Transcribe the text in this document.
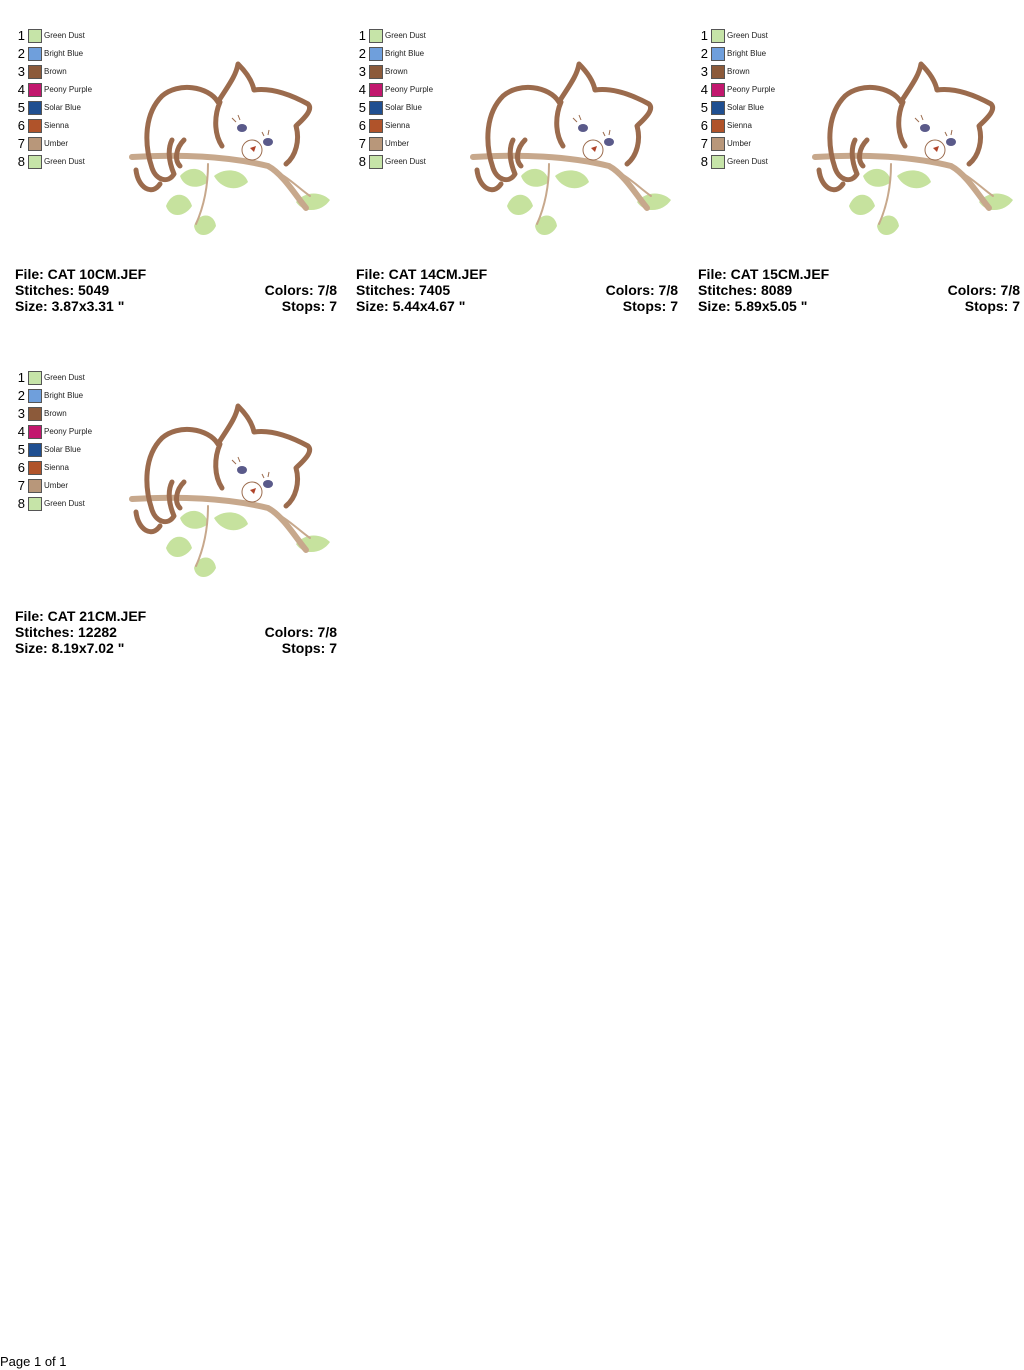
1 Green Dust
2 Bright Blue
3 Brown
4 Peony Purple
5 Solar Blue
6 Sienna
7 Umber
8 Green Dust
File: CAT 10CM.JEF
Stitches: 5049	Colors: 7/8
Size: 3.87x3.31 "	Stops: 7
1 Green Dust
2 Bright Blue
3 Brown
4 Peony Purple
5 Solar Blue
6 Sienna
7 Umber
8 Green Dust
File: CAT 14CM.JEF
Stitches: 7405	Colors: 7/8
Size: 5.44x4.67 "	Stops: 7
1 Green Dust
2 Bright Blue
3 Brown
4 Peony Purple
5 Solar Blue
6 Sienna
7 Umber
8 Green Dust
File: CAT 15CM.JEF
Stitches: 8089	Colors: 7/8
Size: 5.89x5.05 "	Stops: 7
1 Green Dust
2 Bright Blue
3 Brown
4 Peony Purple
5 Solar Blue
6 Sienna
7 Umber
8 Green Dust
File: CAT 21CM.JEF
Stitches: 12282	Colors: 7/8
Size: 8.19x7.02 "	Stops: 7
Page 1 of 1
